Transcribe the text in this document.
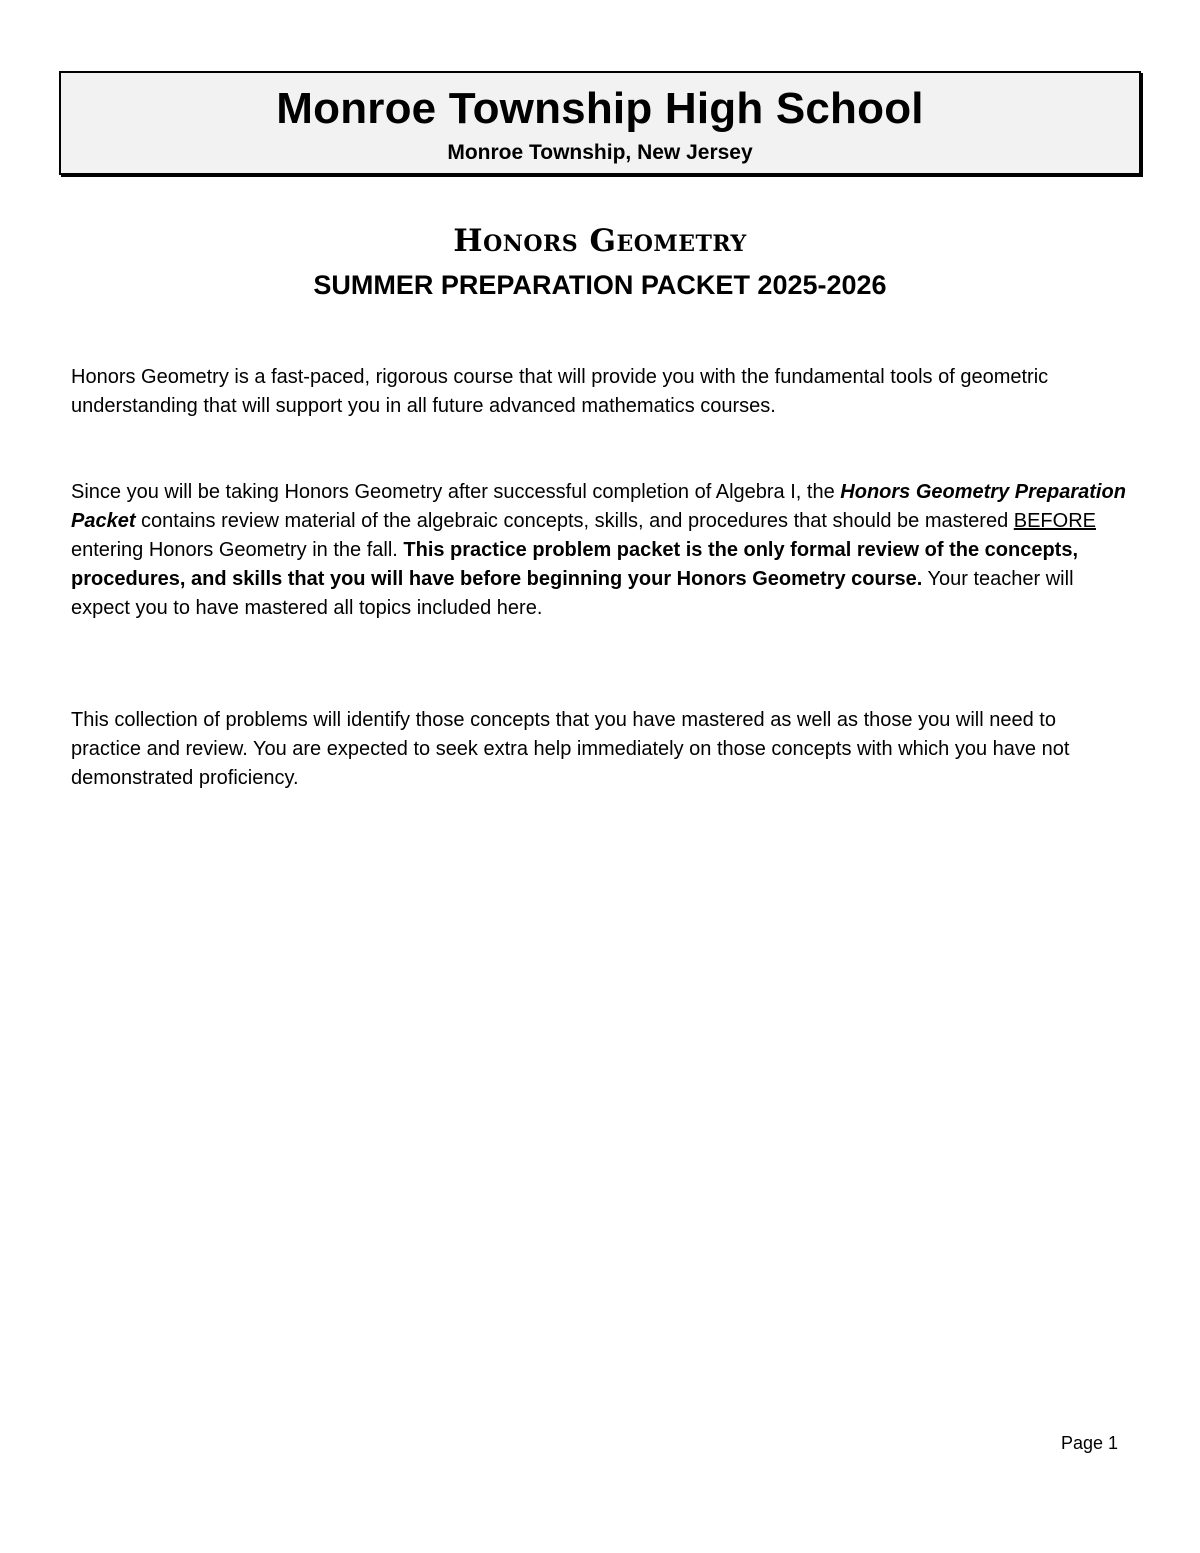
Monroe Township High School
Monroe Township, New Jersey
Honors Geometry
SUMMER PREPARATION PACKET 2025-2026

Honors Geometry is a fast-paced, rigorous course that will provide you with the fundamental tools of geometric understanding that will support you in all future advanced mathematics courses.

Since you will be taking Honors Geometry after successful completion of Algebra I, the Honors Geometry Preparation Packet contains review material of the algebraic concepts, skills, and procedures that should be mastered BEFORE entering Honors Geometry in the fall. This practice problem packet is the only formal review of the concepts, procedures, and skills that you will have before beginning your Honors Geometry course. Your teacher will expect you to have mastered all topics included here.

This collection of problems will identify those concepts that you have mastered as well as those you will need to practice and review. You are expected to seek extra help immediately on those concepts with which you have not demonstrated proficiency.

Page 1
